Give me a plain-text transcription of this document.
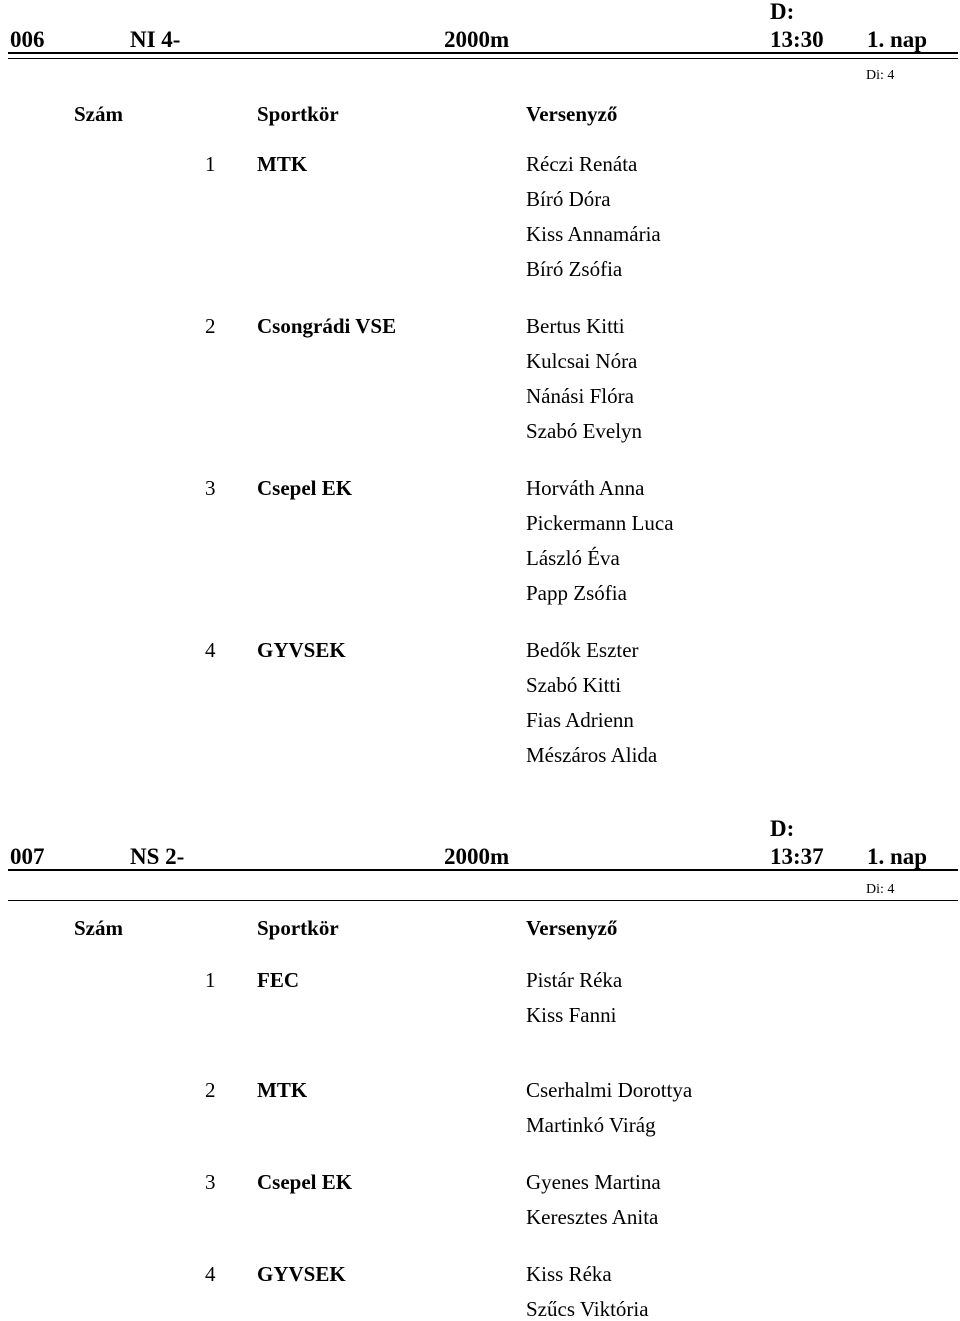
006	NI 4-	2000m
D:
13:30 1. nap
Di: 4
Szám	Sportkör	Versenyző
1 MTK	Réczi Renáta
Bíró Dóra
Kiss Annamária
Bíró Zsófia
2 Csongrádi VSE	Bertus Kitti
Kulcsai Nóra
Nánási Flóra
Szabó Evelyn
3 Csepel EK	Horváth Anna
Pickermann Luca
László Éva
Papp Zsófia
4 GYVSEK	Bedők Eszter
Szabó Kitti
Fias Adrienn
Mészáros Alida
007	NS 2-	2000m
D:
13:37 1. nap
Di: 4
Szám	Sportkör	Versenyző
1 FEC	Pistár Réka
Kiss Fanni
2 MTK	Cserhalmi Dorottya
Martinkó Virág
3 Csepel EK	Gyenes Martina
Keresztes Anita
4 GYVSEK	Kiss Réka
Szűcs Viktória
